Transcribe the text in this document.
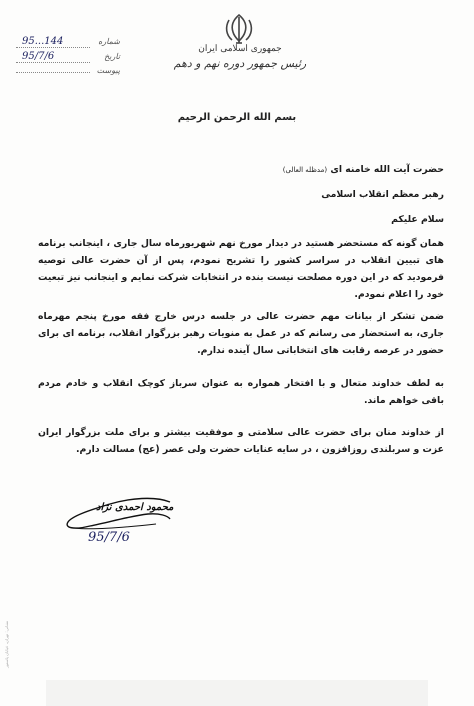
جمهوری اسلامی ایران
رئیس جمهور دوره نهم و دهم
شماره
95...144
تاریخ
95/7/6
پیوست
بسم الله الرحمن الرحیم
حضرت آیت الله خامنه ای (مدظله العالی)
رهبر معظم انقلاب اسلامی
سلام علیکم
همان گونه که مستحضر هستید در دیدار مورخ نهم شهریورماه سال جاری ، اینجانب برنامه های تبیین انقلاب در سراسر کشور را تشریح نمودم، پس از آن حضرت عالی توصیه فرمودید که در این دوره مصلحت نیست بنده در انتخابات شرکت نمایم و اینجانب نیز تبعیت خود را اعلام نمودم.
ضمن تشکر از بیانات مهم حضرت عالی در جلسه درس خارج فقه مورخ پنجم مهرماه جاری، به استحضار می رسانم که در عمل به منویات رهبر بزرگوار انقلاب، برنامه ای برای حضور در عرصه رقابت های انتخاباتی سال آینده ندارم.
به لطف خداوند متعال و با افتخار همواره به عنوان سرباز کوچک انقلاب و خادم مردم باقی خواهم ماند.
از خداوند منان برای حضرت عالی سلامتی و موفقیت بیشتر و برای ملت بزرگوار ایران عزت و سربلندی روزافزون ، در سایه عنایات حضرت ولی عصر (عج) مسالت دارم.
محمود احمدی نژاد
95/7/6
نشانی: تهران، خیابان پاستور
